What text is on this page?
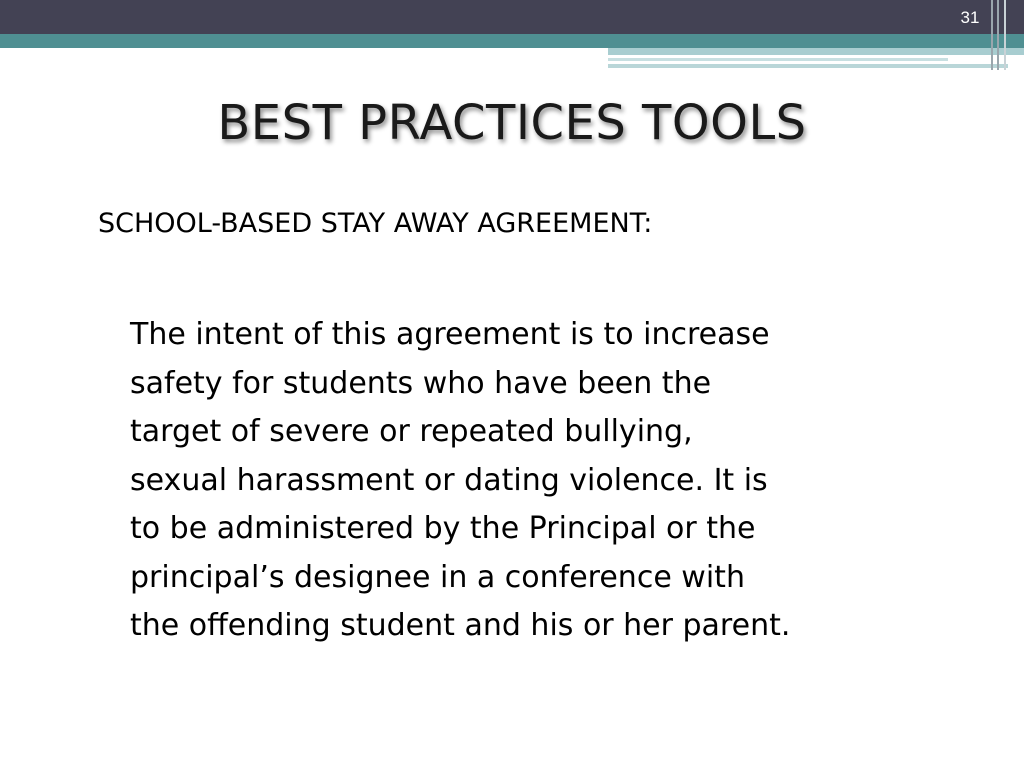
31
BEST PRACTICES TOOLS
SCHOOL-BASED STAY AWAY AGREEMENT:
The intent of this agreement is to increase
safety for students who have been the
target of severe or repeated bullying,
sexual harassment or dating violence. It is
to be administered by the Principal or the
principal’s designee in a conference with
the offending student and his or her parent.
